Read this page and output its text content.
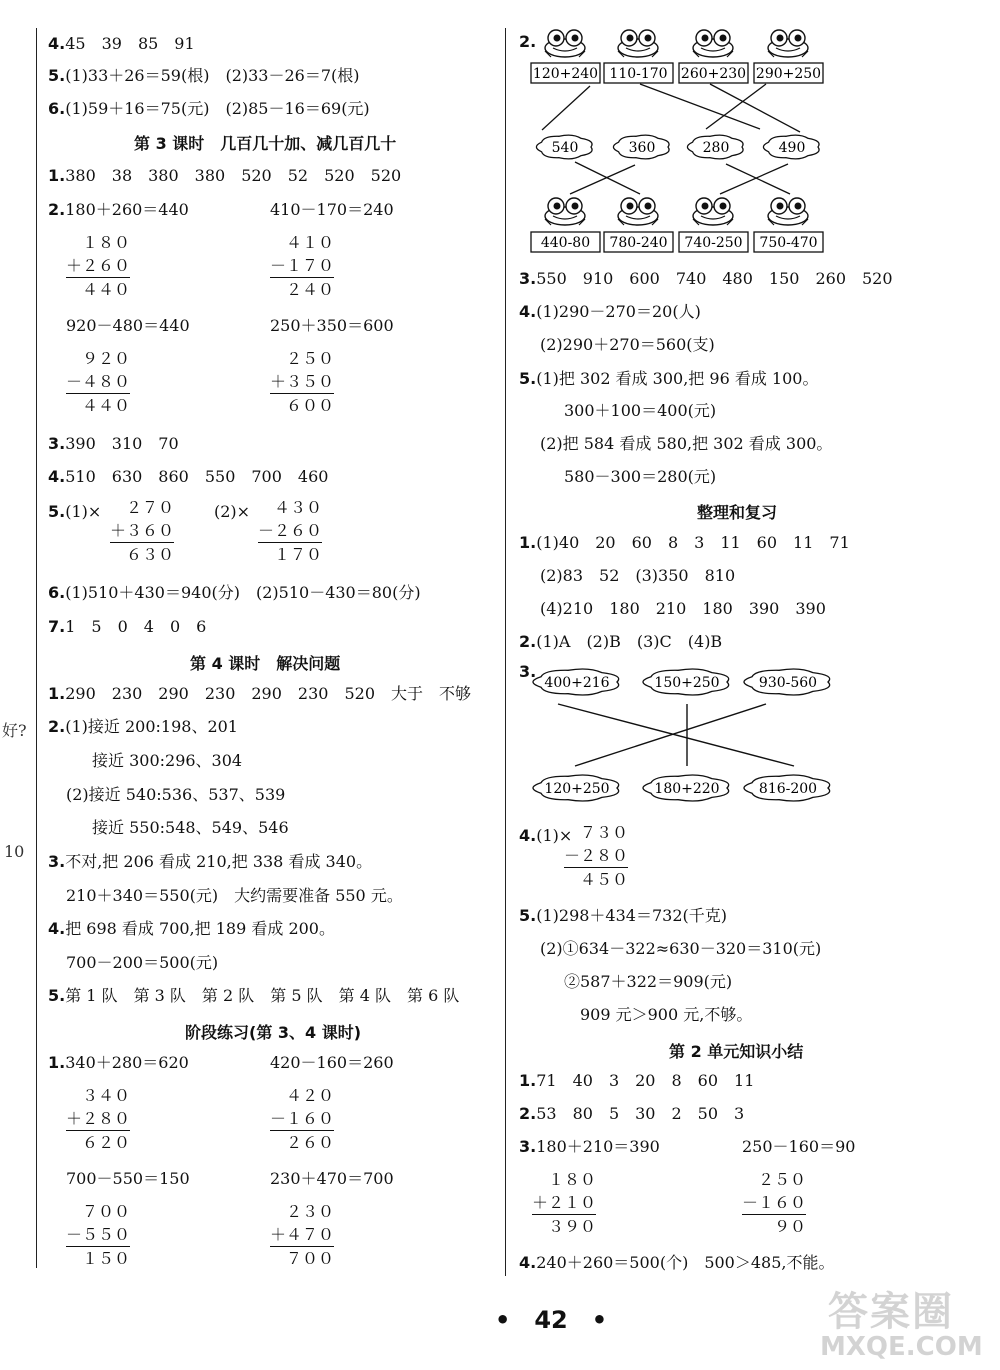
好?
10
4.45　39　85　91
5.(1)33＋26＝59(根)　(2)33－26＝7(根)
6.(1)59＋16＝75(元)　(2)85－16＝69(元)
1.380　38　380　380　520　52　520　520
2.180＋260＝440	410－170＝240
920－480＝440	250＋350＝600
3.390　310　70
4.510　630　860　550　700　460
5.(1)×	(2)×
6.(1)510＋430＝940(分)　(2)510－430＝80(分)
7.1　5　0　4　0　6
1.290　230　290　230　290　230　520　大于　不够
2.(1)接近 200:198、201
接近 300:296、304
(2)接近 540:536、537、539
接近 550:548、549、546
3.不对,把 206 看成 210,把 338 看成 340。
210＋340＝550(元)　大约需要准备 550 元。
4.把 698 看成 700,把 189 看成 200。
700－200＝500(元)
5.第 1 队　第 3 队　第 2 队　第 5 队　第 4 队　第 6 队
1.340＋280＝620	420－160＝260
700－550＝150	230＋470＝700
第 3 课时　几百几十加、减几百几十
第 4 课时　解决问题
阶段练习(第 3、4 课时)
１８０
＋２６０
４４０
４１０
－１７０
２４０
９２０
－４８０
４４０
２５０
＋３５０
６００
２７０
＋３６０
６３０
４３０
－２６０
１７０
３４０
＋２８０
６２０
４２０
－１６０
２６０
７００
－５５０
１５０
２３０
＋４７０
７００
2.
120+240 110-170 260+230 290+250
540	360	280	490
440-80 780-240 740-250 750-470
3.
400+216	150+250	930-560
120+250	180+220	816-200
3.550　910　600　740　480　150　260　520
4.(1)290－270＝20(人)
(2)290＋270＝560(支)
5.(1)把 302 看成 300,把 96 看成 100。
300＋100＝400(元)
(2)把 584 看成 580,把 302 看成 300。
580－300＝280(元)
1.(1)40　20　60　8　3　11　60　11　71
(2)83　52　(3)350　810
(4)210　180　210　180　390　390
2.(1)A　(2)B　(3)C　(4)B
4.(1)×
5.(1)298＋434＝732(千克)
(2)①634－322≈630－320＝310(元)
②587＋322＝909(元)
909 元＞900 元,不够。
1.71　40　3　20　8　60　11
2.53　80　5　30　2　50　3
3.180＋210＝390	250－160＝90
4.240＋260＝500(个)　500＞485,不能。
整理和复习
第 2 单元知识小结
７３０
－２８０
４５０
１８０
＋２１０
３９０
２５０
－１６０
　９０
•　42　•	答案圈
MXQE.COM
